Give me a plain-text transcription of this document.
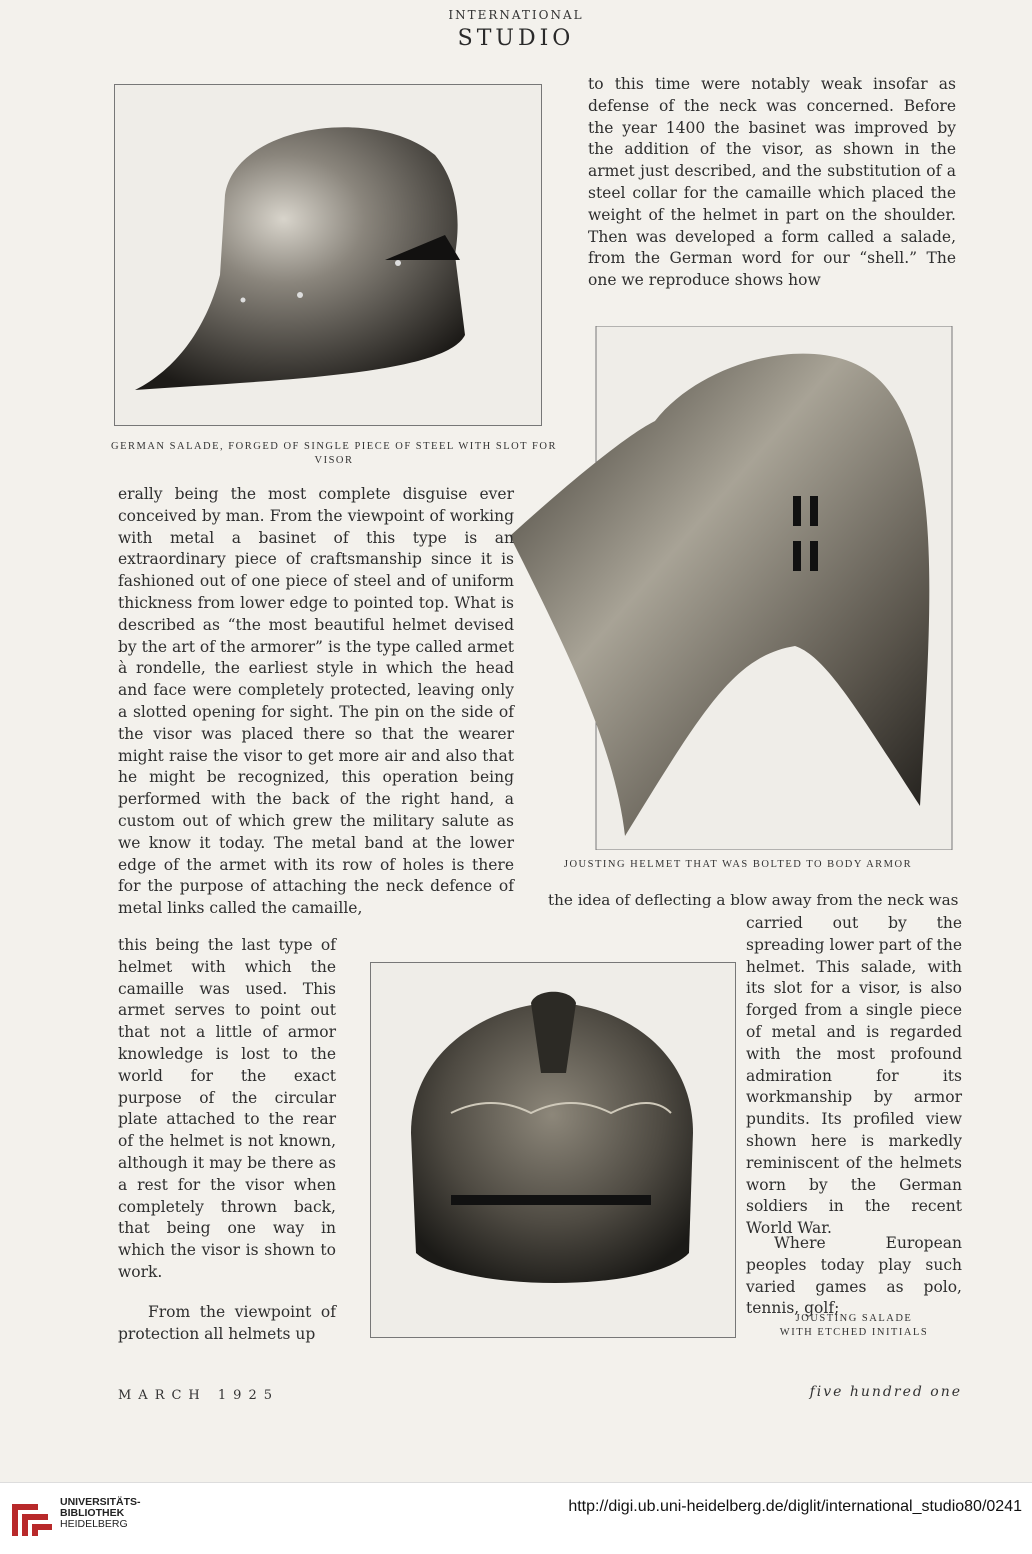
INTERNATIONAL
STUDIO
GERMAN SALADE, FORGED OF SINGLE PIECE OF STEEL WITH SLOT FOR VISOR
to this time were notably weak insofar as defense of the neck was concerned. Before the year 1400 the basinet was improved by the addition of the visor, as shown in the armet just described, and the substitution of a steel collar for the camaille which placed the weight of the helmet in part on the shoulder. Then was developed a form called a salade, from the German word for our “shell.” The one we reproduce shows how
JOUSTING HELMET THAT WAS BOLTED TO BODY ARMOR
erally being the most complete disguise ever conceived by man. From the viewpoint of working with metal a basinet of this type is an extraordinary piece of craftsmanship since it is fashioned out of one piece of steel and of uniform thickness from lower edge to pointed top. What is described as “the most beautiful helmet devised by the art of the armorer” is the type called armet à rondelle, the earliest style in which the head and face were completely protected, leaving only a slotted opening for sight. The pin on the side of the visor was placed there so that the wearer might raise the visor to get more air and also that he might be recognized, this operation being performed with the back of the right hand, a custom out of which grew the military salute as we know it today. The metal band at the lower edge of the armet with its row of holes is there for the purpose of attaching the neck defence of metal links called the camaille,
this being the last type of helmet with which the camaille was used. This armet serves to point out that not a little of armor knowledge is lost to the world for the exact purpose of the circular plate attached to the rear of the helmet is not known, although it may be there as a rest for the visor when completely thrown back, that being one way in which the visor is shown to work.
From the viewpoint of protection all helmets up
the idea of deflecting a blow away from the neck was
carried out by the spreading lower part of the helmet. This salade, with its slot for a visor, is also forged from a single piece of metal and is regarded with the most profound admiration for its workmanship by armor pundits. Its profiled view shown here is markedly reminiscent of the helmets worn by the German soldiers in the recent World War.
Where European peoples today play such varied games as polo, tennis, golf;
JOUSTING SALADE
WITH ETCHED INITIALS
MARCH 1925	five hundred one
UNIVERSITÄTS-
BIBLIOTHEK
HEIDELBERG
http://digi.ub.uni-heidelberg.de/diglit/international_studio80/0241
